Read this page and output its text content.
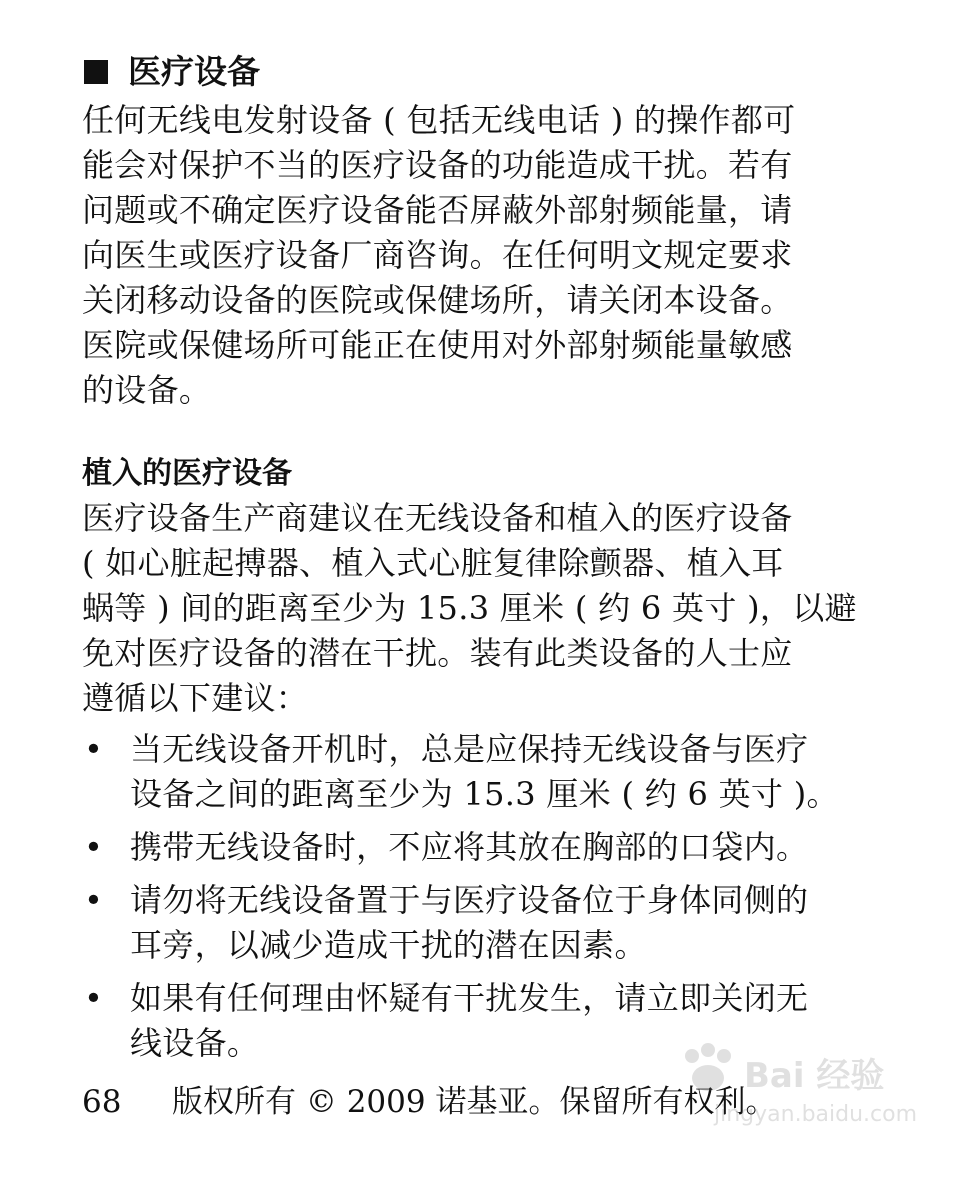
医疗设备

任何无线电发射设备 ( 包括无线电话 ) 的操作都可

能会对保护不当的医疗设备的功能造成干扰。若有

问题或不确定医疗设备能否屏蔽外部射频能量，请

向医生或医疗设备厂商咨询。在任何明文规定要求

关闭移动设备的医院或保健场所，请关闭本设备。

医院或保健场所可能正在使用对外部射频能量敏感

的设备。

植入的医疗设备

医疗设备生产商建议在无线设备和植入的医疗设备

( 如心脏起搏器、植入式心脏复律除颤器、植入耳

蜗等 ) 间的距离至少为 15.3 厘米 ( 约 6 英寸 )，以避

免对医疗设备的潜在干扰。装有此类设备的人士应

遵循以下建议：

• 当无线设备开机时，总是应保持无线设备与医疗
设备之间的距离至少为 15.3 厘米 ( 约 6 英寸 )。
• 携带无线设备时，不应将其放在胸部的口袋内。
• 请勿将无线设备置于与医疗设备位于身体同侧的
耳旁，以减少造成干扰的潜在因素。
• 如果有任何理由怀疑有干扰发生，请立即关闭无
线设备。
68	版权所有 © 2009 诺基亚。保留所有权利。
Bai 经验
jingyan.baidu.com
